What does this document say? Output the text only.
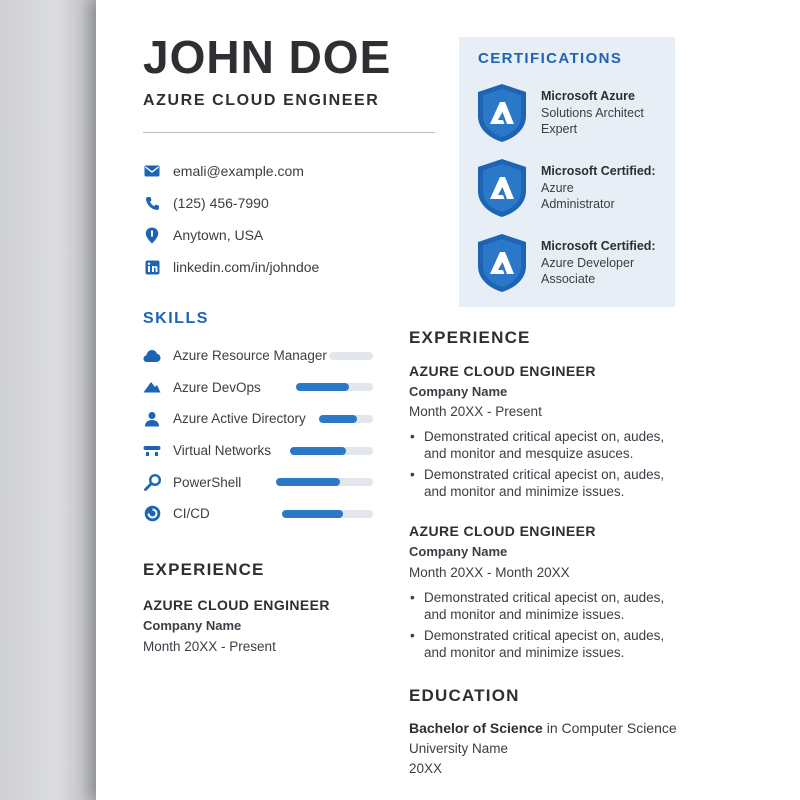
JOHN DOE
AZURE CLOUD ENGINEER
emali@example.com
(125) 456-7990
Anytown, USA
linkedin.com/in/johndoe
SKILLS
Azure Resource Manager
Azure DevOps
Azure Active Directory
Virtual Networks
PowerShell
CI/CD
EXPERIENCE
AZURE CLOUD ENGINEER
Company Name
Month 20XX - Present
CERTIFICATIONS
Microsoft Azure
Solutions Architect
Expert
Microsoft Certified:
Azure
Administrator
Microsoft Certified:
Azure Developer
Associate
EXPERIENCE
AZURE CLOUD ENGINEER
Company Name
Month 20XX - Present
• Demonstrated critical apecist on, audes, and monitor and mesquize asuces.
• Demonstrated critical apecist on, audes, and monitor and minimize issues.
AZURE CLOUD ENGINEER
Company Name
Month 20XX - Month 20XX
• Demonstrated critical apecist on, audes, and monitor and minimize issues.
• Demonstrated critical apecist on, audes, and monitor and minimize issues.
EDUCATION
Bachelor of Science in Computer Science
University Name
20XX
